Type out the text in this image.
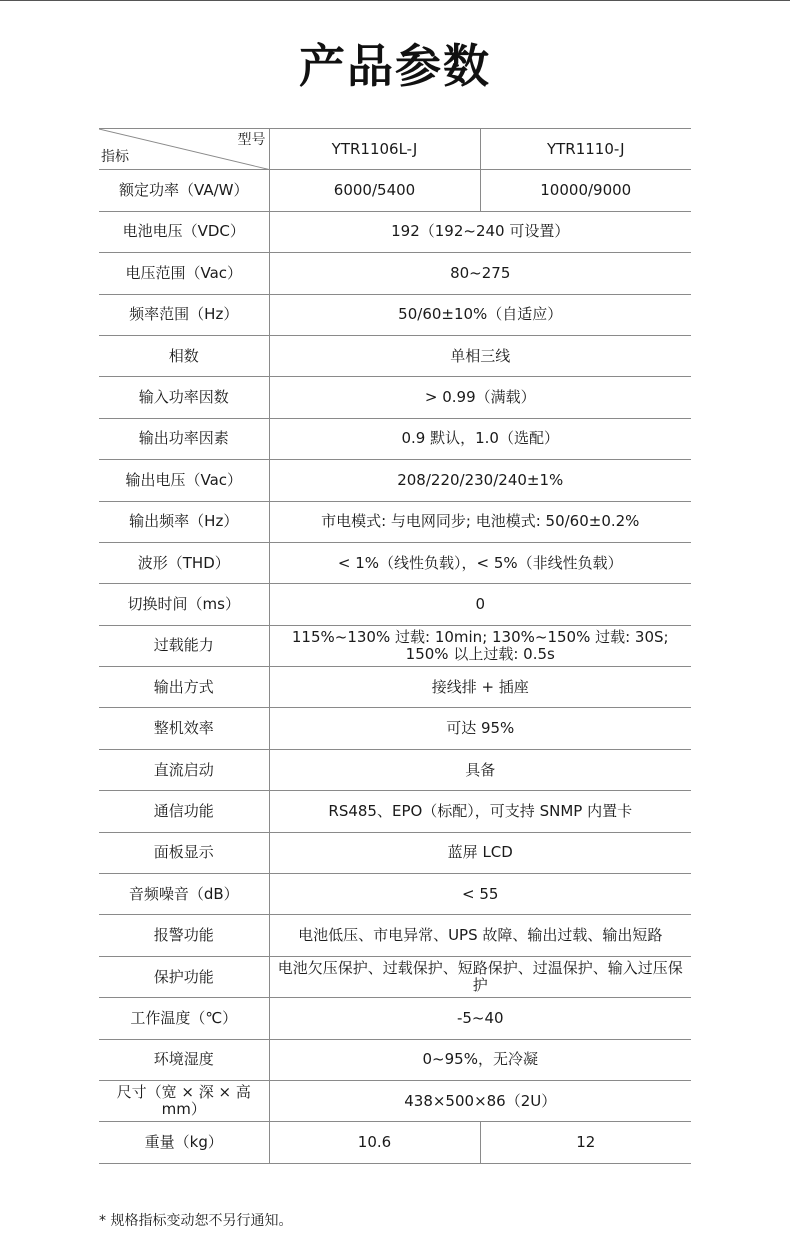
产品参数
型号
指标	YTR1106L-J	YTR1110-J
额定功率（VA/W）	6000/5400	10000/9000
电池电压（VDC）	192（192~240 可设置）	
电压范围（Vac）	80~275	
频率范围（Hz）	50/60±10%（自适应）	
相数	单相三线	
输入功率因数	> 0.99（满载）	
输出功率因素	0.9 默认，1.0（选配）	
输出电压（Vac）	208/220/230/240±1%	
输出频率（Hz）	市电模式: 与电网同步; 电池模式: 50/60±0.2%	
波形（THD）	< 1%（线性负载），< 5%（非线性负载）	
切换时间（ms）	0	
过载能力	115%~130% 过载: 10min; 130%~150% 过载: 30S;
150% 以上过载: 0.5s	

输出方式	接线排 + 插座	
整机效率	可达 95%	
直流启动	具备	
通信功能	RS485、EPO（标配），可支持 SNMP 内置卡	
面板显示	蓝屏 LCD	
音频噪音（dB）	< 55	
报警功能	电池低压、市电异常、UPS 故障、输出过载、输出短路	
保护功能	电池欠压保护、过载保护、短路保护、过温保护、输入过压保护	
工作温度（℃）	-5~40	
环境湿度	0~95%，无冷凝	
尺寸（宽 × 深 × 高 mm）	438×500×86（2U）	
重量（kg）	10.6	12
* 规格指标变动恕不另行通知。
